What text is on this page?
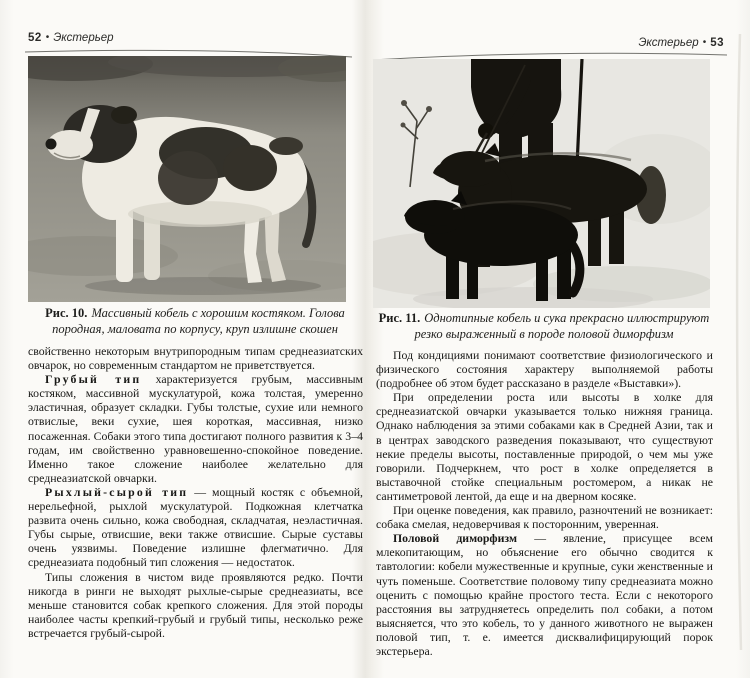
52 • Экстерьер
Рис. 10. Массивный кобель с хорошим костяком. Голова породная, маловата по корпусу, круп излишне скошен

свойственно некоторым внутрипородным типам среднеазиатских овчарок, но современным стандартом не приветствуется.

Грубый тип характеризуется грубым, массивным костяком, массивной мускулатурой, кожа толстая, умеренно эластичная, образует складки. Губы толстые, сухие или немного отвислые, веки сухие, шея короткая, массивная, низко посаженная. Собаки этого типа достигают полного развития к 3–4 годам, им свойственно уравновешенно-спокойное поведение. Именно такое сложение наиболее желательно для среднеазиатской овчарки.

Рыхлый-сырой тип — мощный костяк с объемной, нерельефной, рыхлой мускулатурой. Подкожная клетчатка развита очень сильно, кожа свободная, складчатая, неэластичная. Губы сырые, отвисшие, веки также отвисшие. Сырые суставы очень уязвимы. Поведение излишне флегматично. Для среднеазиата подобный тип сложения — недостаток.

Типы сложения в чистом виде проявляются редко. Почти никогда в ринги не выходят рыхлые-сырые среднеазиаты, все меньше становится собак крепкого сложения. Для этой породы наиболее часты крепкий-грубый и грубый типы, несколько реже встречается грубый-сырой.

Экстерьер • 53
Рис. 11. Однотипные кобель и сука прекрасно иллюстрируют резко выраженный в породе половой диморфизм

Под кондициями понимают соответствие физиологического и физического состояния характеру выполняемой работы (подробнее об этом будет рассказано в разделе «Выставки»).

При определении роста или высоты в холке для среднеазиатской овчарки указывается только нижняя граница. Однако наблюдения за этими собаками как в Средней Азии, так и в центрах заводского разведения показывают, что существуют некие пределы высоты, поставленные природой, о чем мы уже говорили. Подчеркнем, что рост в холке определяется в выставочной стойке специальным ростомером, а никак не сантиметровой лентой, да еще и на дверном косяке.

При оценке поведения, как правило, разночтений не возникает: собака смелая, недоверчивая к посторонним, уверенная.

Половой диморфизм — явление, присущее всем млекопитающим, но объяснение его обычно сводится к тавтологии: кобели мужественные и крупные, суки женственные и чуть поменьше. Соответствие половому типу среднеазиата можно оценить с помощью крайне простого теста. Если с некоторого расстояния вы затрудняетесь определить пол собаки, а потом выясняется, что это кобель, то у данного животного не выражен половой тип, т. е. имеется дисквалифицирующий порок экстерьера.
